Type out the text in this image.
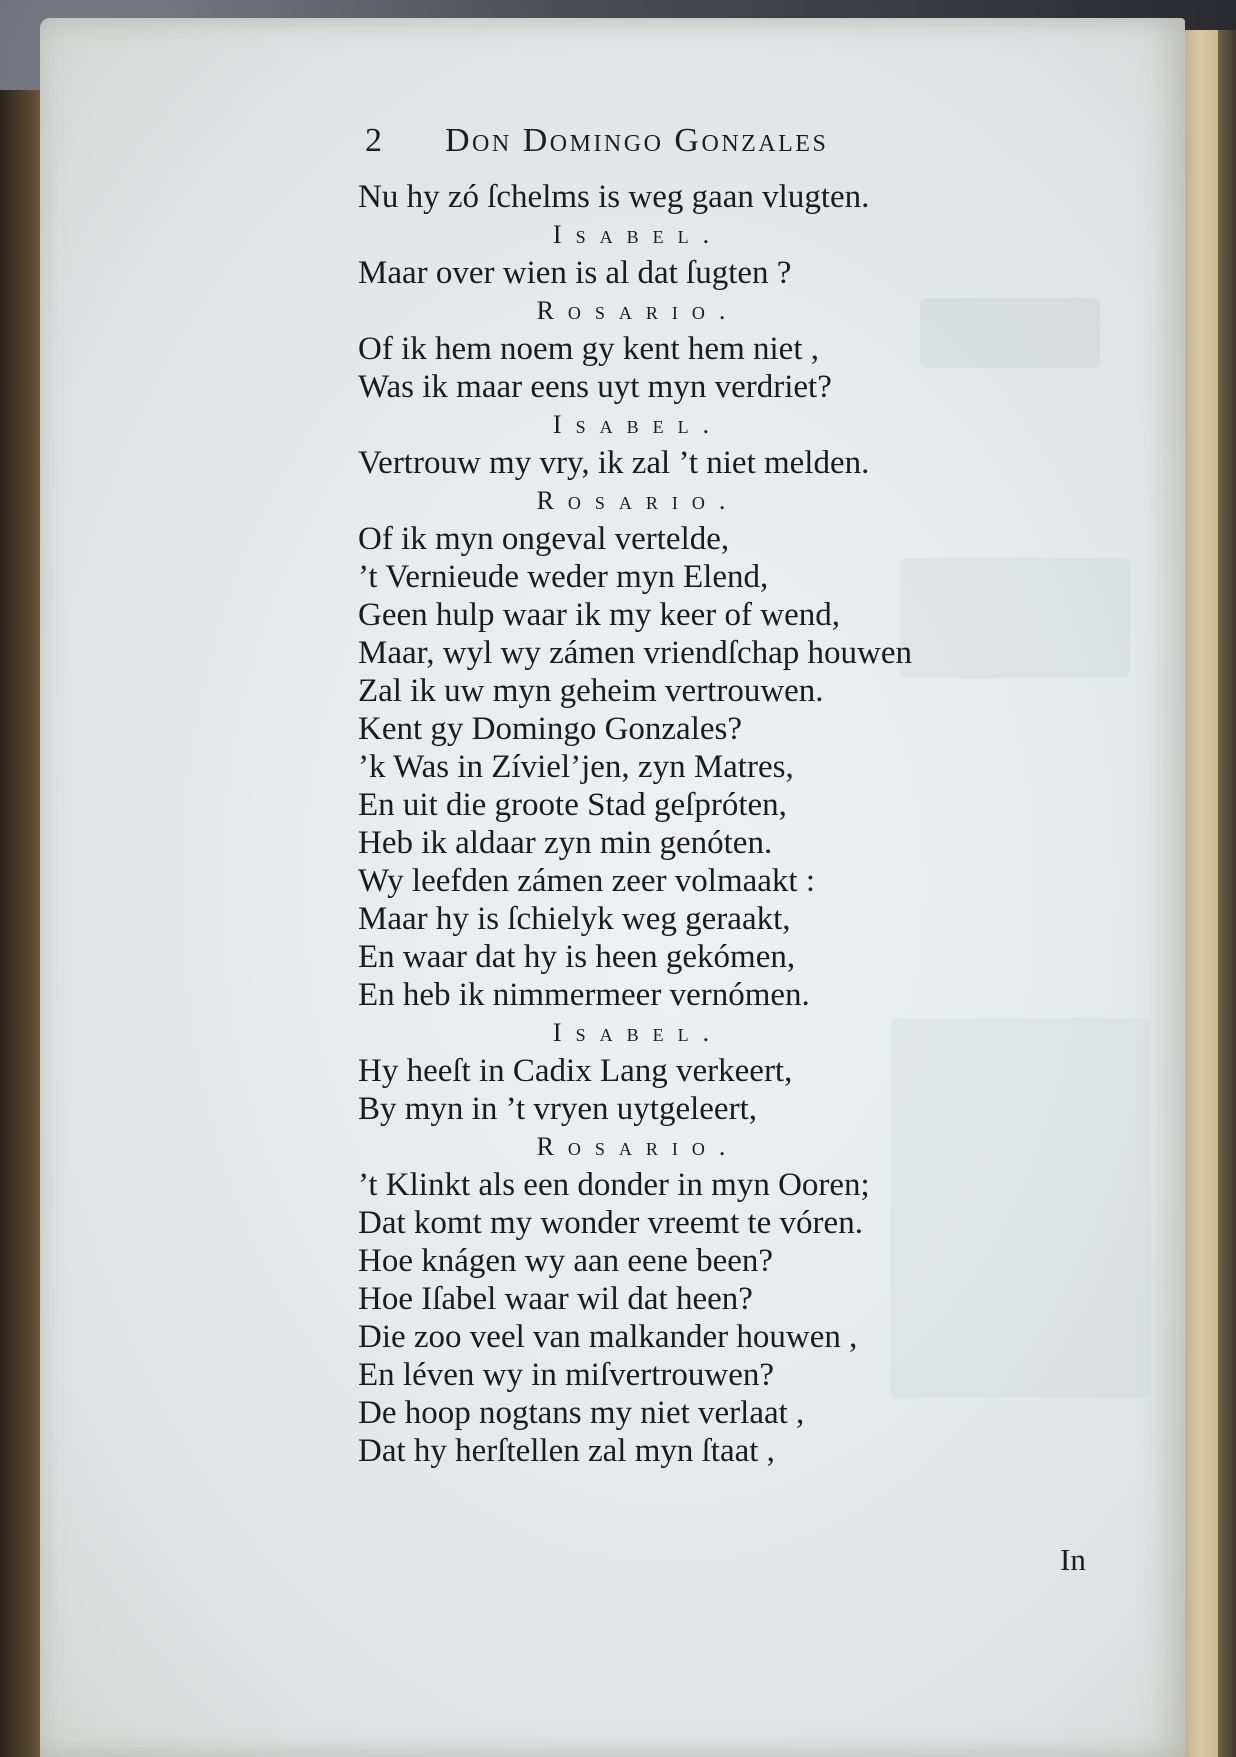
2 Don Domingo Gonzales
Nu hy zó ſchelms is weg gaan vlugten.
Isabel.
Maar over wien is al dat ſugten ?
Rosario.
Of ik hem noem gy kent hem niet ,
Was ik maar eens uyt myn verdriet?
Isabel.
Vertrouw my vry, ik zal ’t niet melden.
Rosario.
Of ik myn ongeval vertelde,
’t Vernieude weder myn Elend,
Geen hulp waar ik my keer of wend,
Maar, wyl wy zámen vriendſchap houwen
Zal ik uw myn geheim vertrouwen.
Kent gy Domingo Gonzales?
’k Was in Zíviel’jen, zyn Matres,
En uit die groote Stad geſpróten,
Heb ik aldaar zyn min genóten.
Wy leefden zámen zeer volmaakt :
Maar hy is ſchielyk weg geraakt,
En waar dat hy is heen gekómen,
En heb ik nimmermeer vernómen.
Isabel.
Hy heeſt in Cadix Lang verkeert,
By myn in ’t vryen uytgeleert,
Rosario.
’t Klinkt als een donder in myn Ooren;
Dat komt my wonder vreemt te vóren.
Hoe knágen wy aan eene been?
Hoe Iſabel waar wil dat heen?
Die zoo veel van malkander houwen ,
En léven wy in miſvertrouwen?
De hoop nogtans my niet verlaat ,
Dat hy herſtellen zal myn ſtaat ,
In
